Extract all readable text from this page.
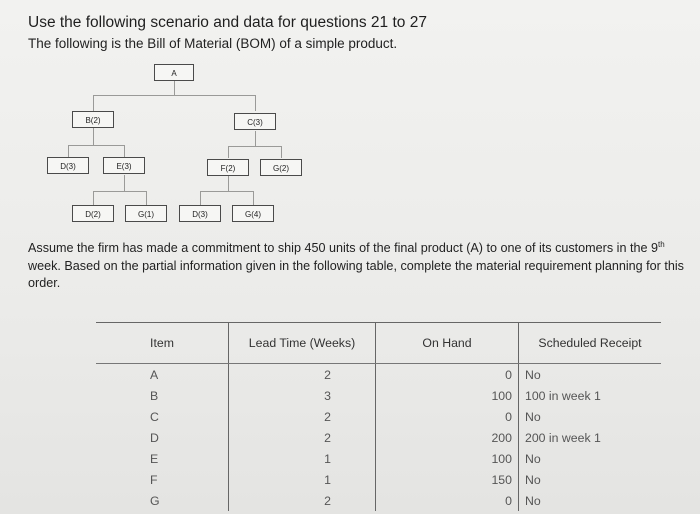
Use the following scenario and data for questions 21 to 27
The following is the Bill of Material (BOM) of a simple product.
A
B(2)	C(3)
D(3)	E(3)	F(2)	G(2)
D(2)	G(1)	D(3)	G(4)
Assume the firm has made a commitment to ship 450 units of the final product (A) to one of its customers in the 9th week. Based on the partial information given in the following table, complete the material requirement planning for this order.
Item	Lead Time (Weeks)	On Hand	Scheduled Receipt
A	2	0	No
B	3	100	100 in week 1
C	2	0	No
D	2	200	200 in week 1
E	1	100	No
F	1	150	No
G	2	0	No
